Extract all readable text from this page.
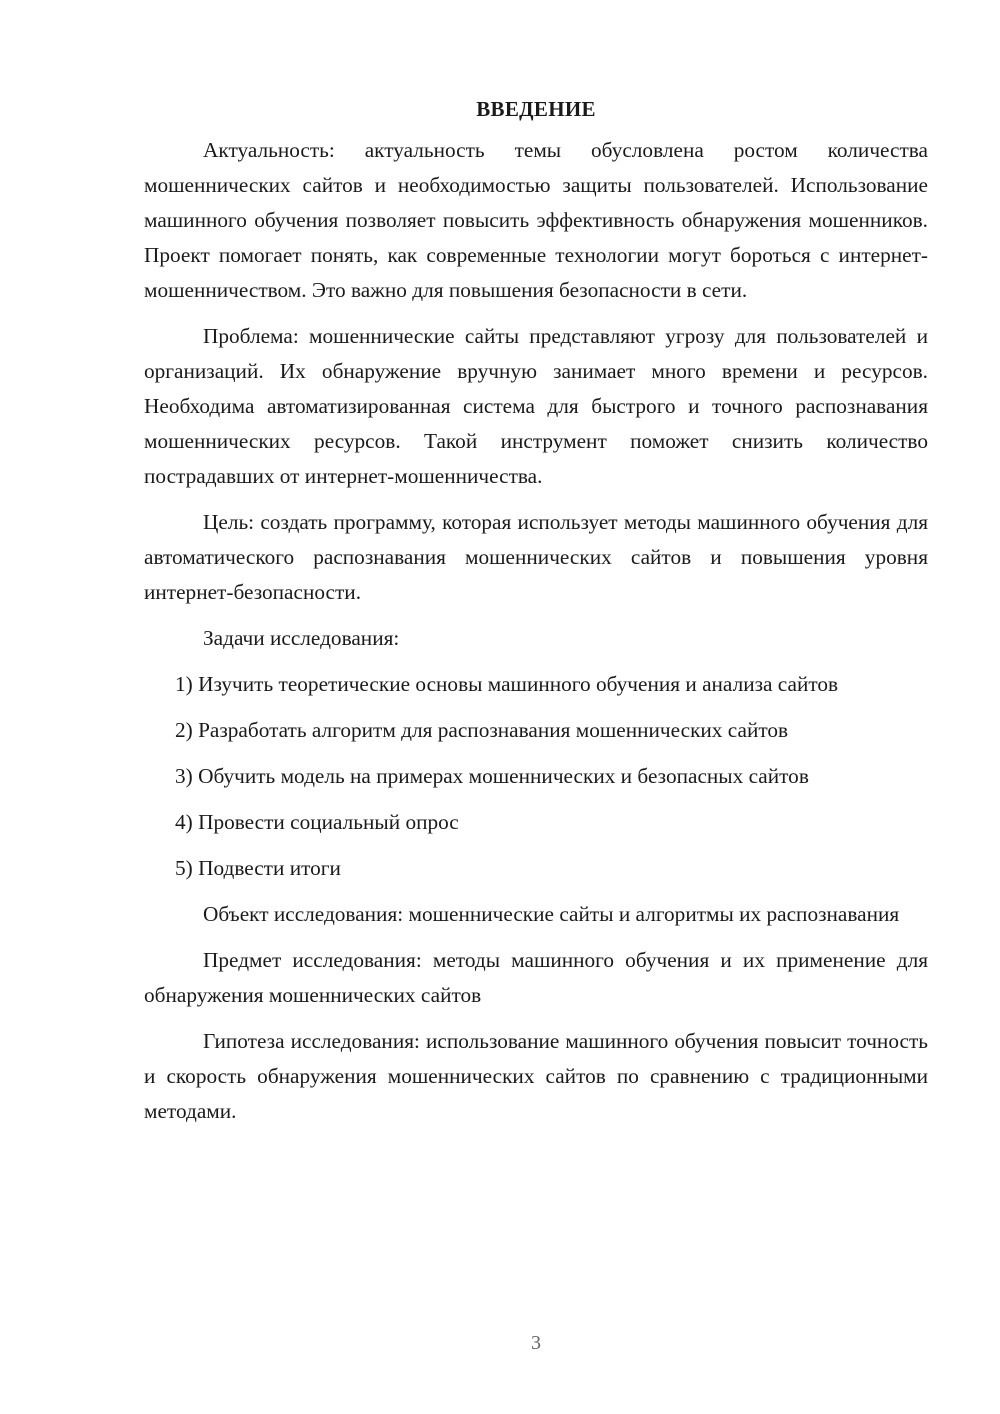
ВВЕДЕНИЕ

Актуальность: актуальность темы обусловлена ростом количества мошеннических сайтов и необходимостью защиты пользователей. Использование машинного обучения позволяет повысить эффективность обнаружения мошенников. Проект помогает понять, как современные технологии могут бороться с интернет-мошенничеством. Это важно для повышения безопасности в сети.

Проблема: мошеннические сайты представляют угрозу для пользователей и организаций. Их обнаружение вручную занимает много времени и ресурсов. Необходима автоматизированная система для быстрого и точного распознавания мошеннических ресурсов. Такой инструмент поможет снизить количество пострадавших от интернет-мошенничества.

Цель: создать программу, которая использует методы машинного обучения для автоматического распознавания мошеннических сайтов и повышения уровня интернет-безопасности.

Задачи исследования:

1) Изучить теоретические основы машинного обучения и анализа сайтов

2) Разработать алгоритм для распознавания мошеннических сайтов

3) Обучить модель на примерах мошеннических и безопасных сайтов

4) Провести социальный опрос

5) Подвести итоги

Объект исследования: мошеннические сайты и алгоритмы их распознавания

Предмет исследования: методы машинного обучения и их применение для обнаружения мошеннических сайтов

Гипотеза исследования: использование машинного обучения повысит точность и скорость обнаружения мошеннических сайтов по сравнению с традиционными методами.

3
